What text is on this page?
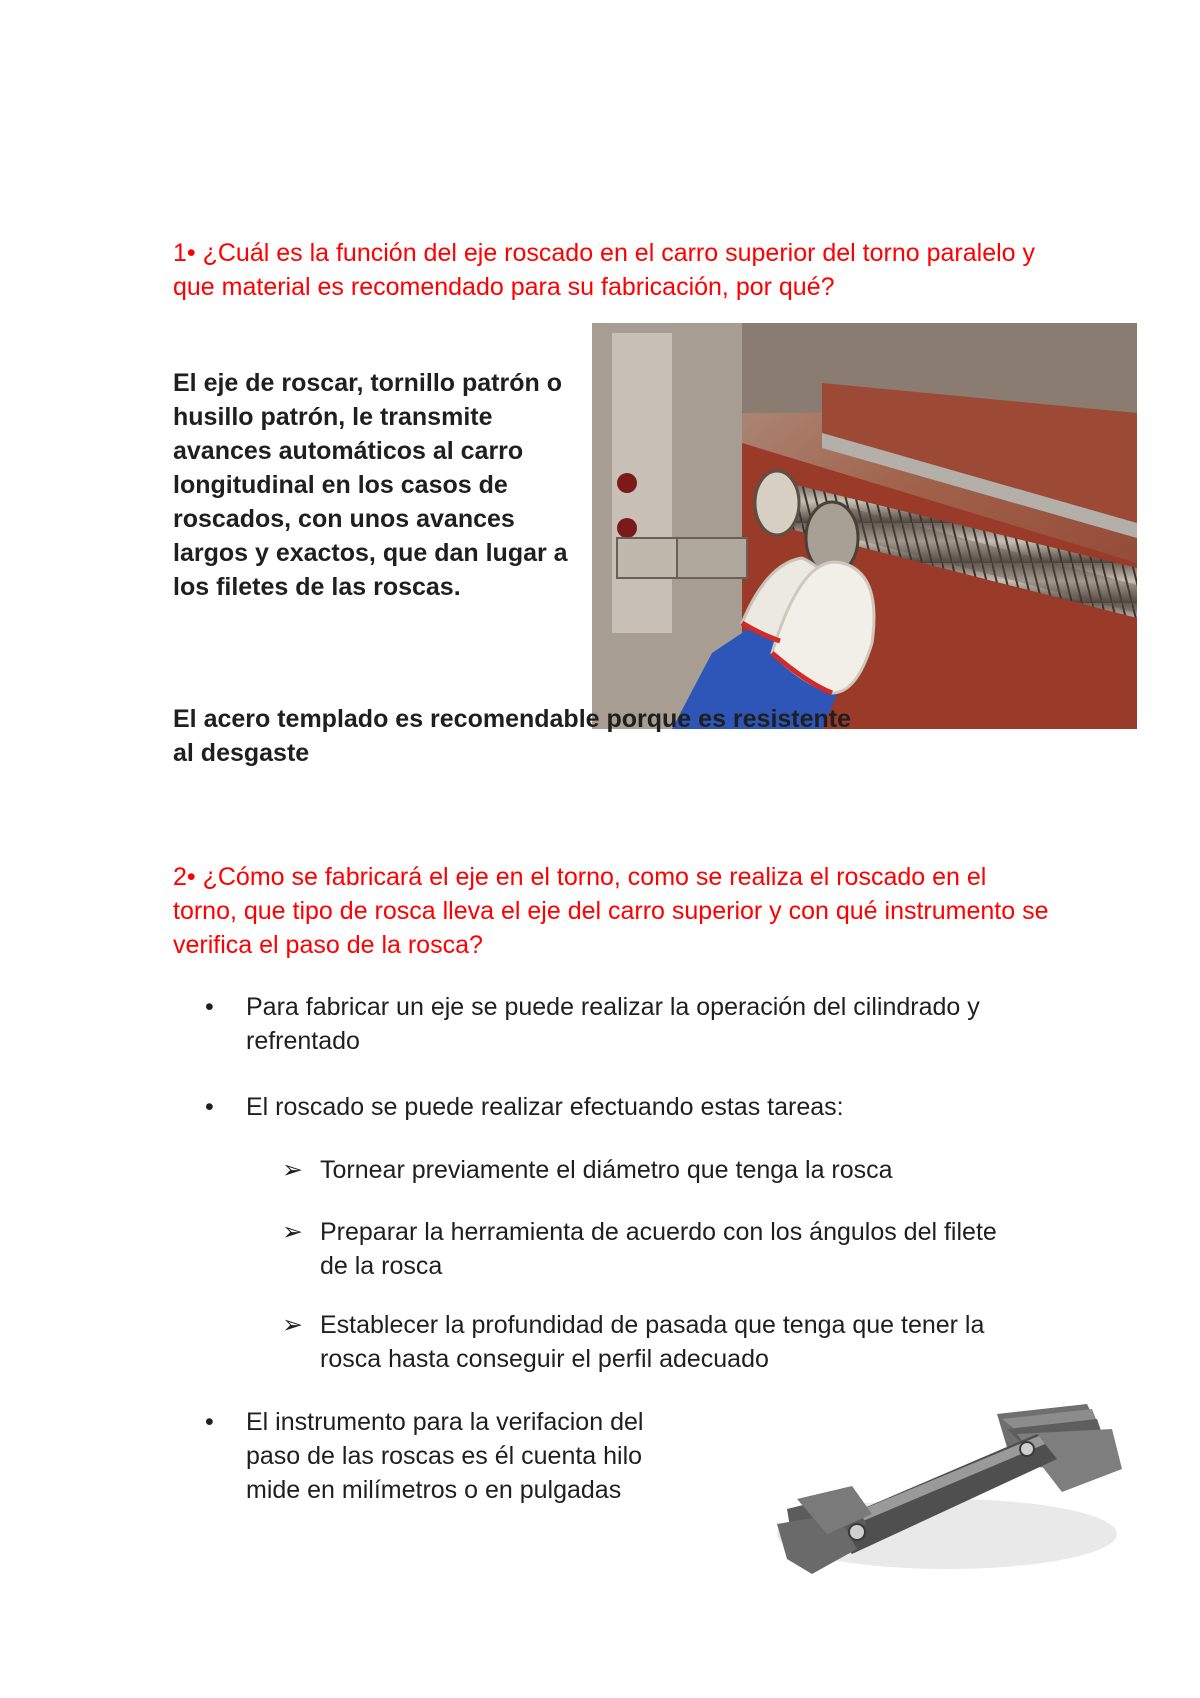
1• ¿Cuál es la función del eje roscado en el carro superior del torno paralelo y que material es recomendado para su fabricación, por qué?

El eje de roscar, tornillo patrón o husillo patrón, le transmite avances automáticos al carro longitudinal en los casos de roscados, con unos avances largos y exactos, que dan lugar a los filetes de las roscas.

El acero templado es recomendable porque es resistente al desgaste

2• ¿Cómo se fabricará el eje en el torno, como se realiza el roscado en el torno, que tipo de rosca lleva el eje del carro superior y con qué instrumento se verifica el paso de la rosca?

•	Para fabricar un eje se puede realizar la operación del cilindrado y refrentado
•	El roscado se puede realizar efectuando estas tareas:
➢ Tornear previamente el diámetro que tenga la rosca
➢ Preparar la herramienta de acuerdo con los ángulos del filete de la rosca
➢ Establecer la profundidad de pasada que tenga que tener la rosca hasta conseguir el perfil adecuado
•	El instrumento para la verifacion del paso de las roscas es él cuenta hilo mide en milímetros o en pulgadas
